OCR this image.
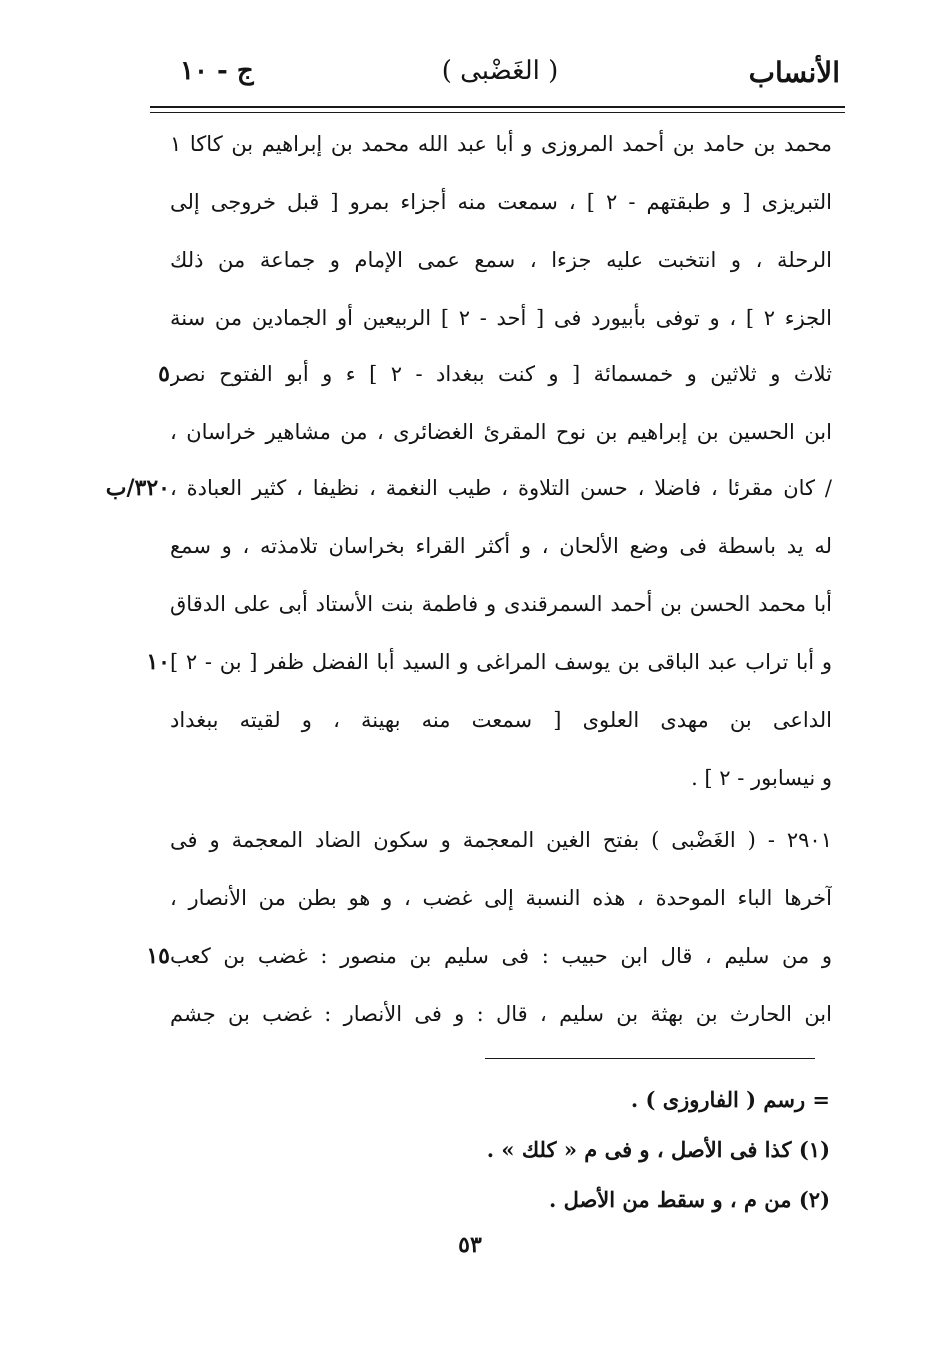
ج - ١٠	( الغَضْبى )	الأنساب
محمد بن حامد بن أحمد المروزى و أبا عبد الله محمد بن إبراهيم بن كاكا ١
التبريزى [ و طبقتهم - ٢ ] ، سمعت منه أجزاء بمرو [ قبل خروجى إلى
الرحلة ، و انتخبت عليه جزءا ، سمع عمى الإمام و جماعة من ذلك
الجزء ٢ ] ، و توفى بأبيورد فى [ أحد - ٢ ] الربيعين أو الجمادين من سنة
ثلاث و ثلاثين و خمسمائة [ و كنت ببغداد - ٢ ] ء و أبو الفتوح نصر
٥
ابن الحسين بن إبراهيم بن نوح المقرئ الغضائرى ، من مشاهير خراسان ،
/ كان مقرئا ، فاضلا ، حسن التلاوة ، طيب النغمة ، نظيفا ، كثير العبادة ،
٣٢٠/ب
له يد باسطة فى وضع الألحان ، و أكثر القراء بخراسان تلامذته ، و سمع
أبا محمد الحسن بن أحمد السمرقندى و فاطمة بنت الأستاد أبى على الدقاق
و أبا تراب عبد الباقى بن يوسف المراغى و السيد أبا الفضل ظفر [ بن - ٢ ]
١٠
الداعى بن مهدى العلوى [ سمعت منه بهينة ، و لقيته ببغداد
و نيسابور - ٢ ] .
٢٩٠١ - ( الغَضْبى ) بفتح الغين المعجمة و سكون الضاد المعجمة و فى
آخرها الباء الموحدة ، هذه النسبة إلى غضب ، و هو بطن من الأنصار ،
و من سليم ، قال ابن حبيب : فى سليم بن منصور : غضب بن كعب
١٥
ابن الحارث بن بهثة بن سليم ، قال : و فى الأنصار : غضب بن جشم
= رسم ( الفاروزى ) .
(١) كذا فى الأصل ، و فى م « كلك » .
(٢) من م ، و سقط من الأصل .
٥٣
